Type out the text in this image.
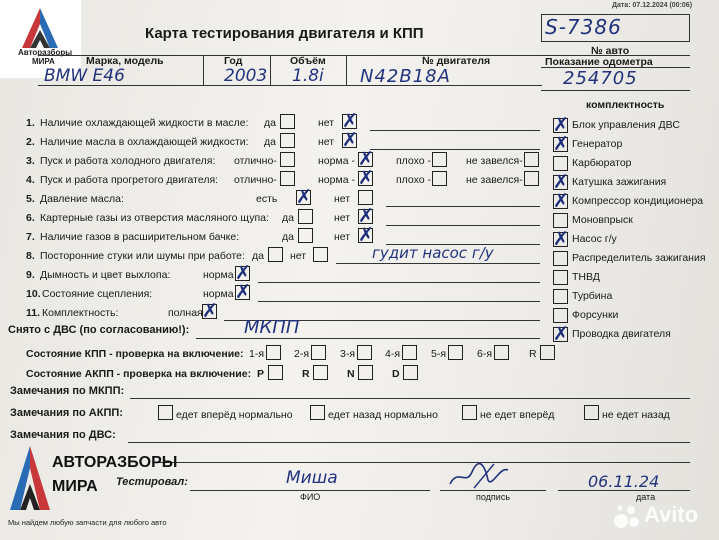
Дата: 07.12.2024 (00:06)
Авторазборы
МИРА
Карта тестирования двигателя и КПП
Марка, модель	Год	Объём	№ двигателя
BMW E46	2003 1.8i N42B18A
S-7386
№ авто
Показание одометра
254705
комплектность
✗ Блок управления ДВС
✗ Генератор
Карбюратор
✗ Катушка зажигания
✗ Компрессор кондиционера
Моновпрыск
✗ Насос г/у
Распределитель зажигания
ТНВД
Турбина
Форсунки
✗ Проводка двигателя
1. Наличие охлаждающей жидкости в масле: да	нет ✗
2. Наличие масла в охлаждающей жидкости: да	нет ✗
3. Пуск и работа холодного двигателя: отлично-	норма - ✗ плохо -	не завелся-
4. Пуск и работа прогретого двигателя: отлично-	норма - ✗ плохо -	не завелся-
5. Давление масла:	есть ✗ нет
6. Картерные газы из отверстия масляного щупа: да	нет ✗
7. Наличие газов в расширительном бачке:	да	нет ✗
8. Посторонние стуки или шумы при работе: да нет	гудит насос г/у
9. Дымность и цвет выхлопа:	норма ✗
10. Состояние сцепления:	норма ✗
11. Комплектность:	полная ✗
Снято с ДВС (по согласованию!):	МКПП
Состояние КПП - проверка на включение: 1-я	2-я	3-я	4-я	5-я	6-я	R
Состояние АКПП - проверка на включение: P	R	N	D
Замечания по МКПП:
Замечания по АКПП:	едет вперёд нормально	едет назад нормально	не едет вперёд	не едет назад
Замечания по ДВС:
АВТОРАЗБОРЫ
МИРА
Мы найдем любую запчасти для любого авто
Тестировал:	Миша
ФИО	подпись
06.11.24
дата
Avito
